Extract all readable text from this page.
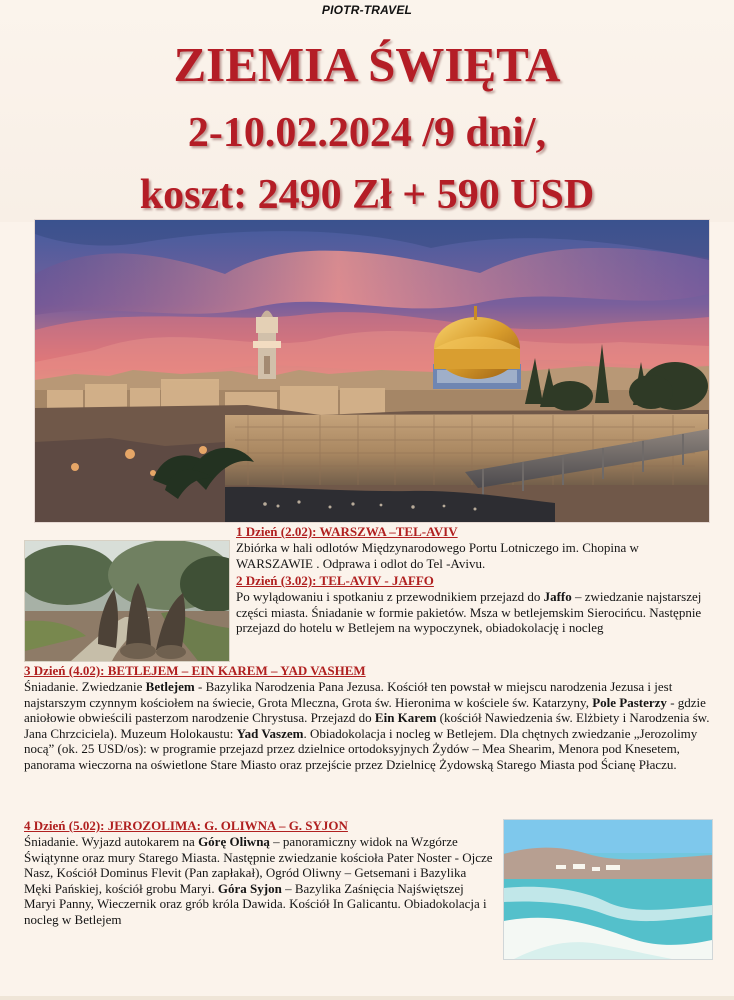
PIOTR-TRAVEL
ZIEMIA ŚWIĘTA
2-10.02.2024 /9 dni/,
koszt: 2490 Zł + 590 USD
1 Dzień (2.02): WARSZWA –TEL-AVIV
Zbiórka w hali odlotów Międzynarodowego Portu Lotniczego im. Chopina w WARSZAWIE . Odprawa i odlot do Tel -Avivu.
2 Dzień (3.02): TEL-AVIV - JAFFO
Po wylądowaniu i spotkaniu z przewodnikiem przejazd do Jaffo – zwiedzanie najstarszej części miasta. Śniadanie w formie pakietów. Msza w betlejemskim Sierocińcu. Następnie przejazd do hotelu w Betlejem na wypoczynek, obiadokolację i nocleg
3 Dzień (4.02): BETLEJEM – EIN KAREM – YAD VASHEM
Śniadanie. Zwiedzanie Betlejem - Bazylika Narodzenia Pana Jezusa. Kościół ten powstał w miejscu narodzenia Jezusa i jest najstarszym czynnym kościołem na świecie, Grota Mleczna, Grota św. Hieronima w kościele św. Katarzyny, Pole Pasterzy - gdzie aniołowie obwieścili pasterzom narodzenie Chrystusa. Przejazd do Ein Karem (kościół Nawiedzenia św. Elżbiety i Narodzenia św. Jana Chrzciciela). Muzeum Holokaustu: Yad Vaszem. Obiadokolacja i nocleg w Betlejem. Dla chętnych zwiedzanie „Jerozolimy nocą” (ok. 25 USD/os): w programie przejazd przez dzielnice ortodoksyjnych Żydów – Mea Shearim, Menora pod Knesetem, panorama wieczorna na oświetlone Stare Miasto oraz przejście przez Dzielnicę Żydowską Starego Miasta pod Ścianę Płaczu.
4 Dzień (5.02): JEROZOLIMA: G. OLIWNA – G. SYJON
Śniadanie. Wyjazd autokarem na Górę Oliwną – panoramiczny widok na Wzgórze Świątynne oraz mury Starego Miasta. Następnie zwiedzanie kościoła Pater Noster - Ojcze Nasz, Kościół Dominus Flevit (Pan zapłakał), Ogród Oliwny – Getsemani i Bazylika Męki Pańskiej, kościół grobu Maryi. Góra Syjon – Bazylika Zaśnięcia Najświętszej Maryi Panny, Wieczernik oraz grób króla Dawida. Kościół In Galicantu. Obiadokolacja i nocleg w Betlejem
